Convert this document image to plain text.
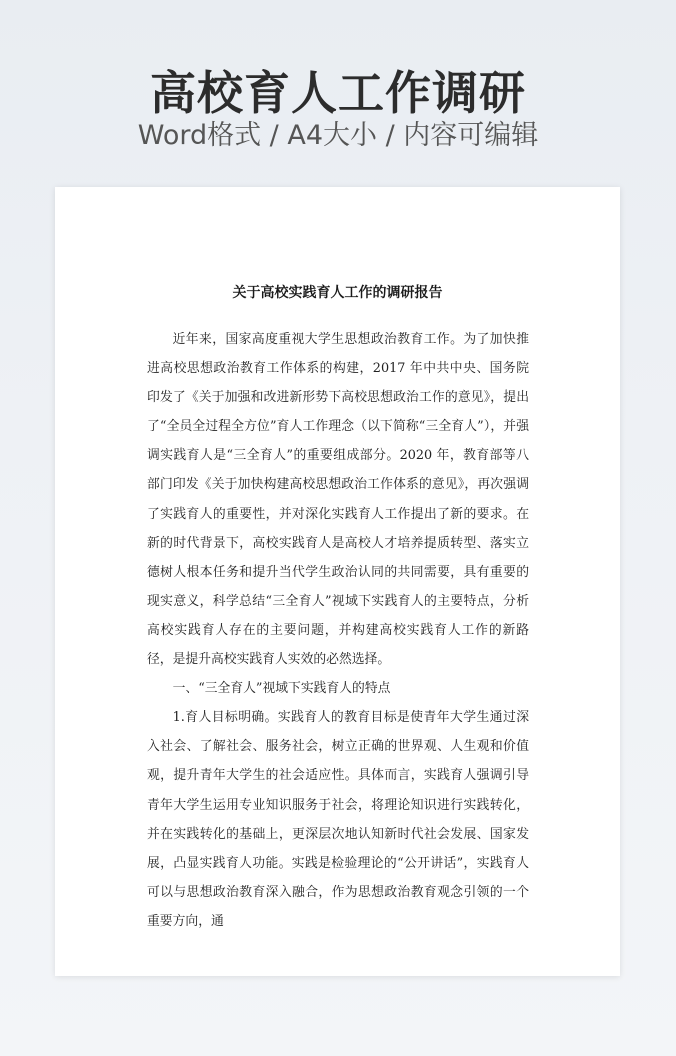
高校育人工作调研
Word格式 / A4大小 / 内容可编辑
关于高校实践育人工作的调研报告

近年来，国家高度重视大学生思想政治教育工作。为了加快推进高校思想政治教育工作体系的构建，2017 年中共中央、国务院印发了《关于加强和改进新形势下高校思想政治工作的意见》，提出了“全员全过程全方位”育人工作理念（以下简称“三全育人”），并强调实践育人是“三全育人”的重要组成部分。2020 年，教育部等八部门印发《关于加快构建高校思想政治工作体系的意见》，再次强调了实践育人的重要性，并对深化实践育人工作提出了新的要求。在新的时代背景下，高校实践育人是高校人才培养提质转型、落实立德树人根本任务和提升当代学生政治认同的共同需要，具有重要的现实意义，科学总结“三全育人”视域下实践育人的主要特点，分析高校实践育人存在的主要问题，并构建高校实践育人工作的新路径，是提升高校实践育人实效的必然选择。

一、“三全育人”视域下实践育人的特点

1.育人目标明确。实践育人的教育目标是使青年大学生通过深入社会、了解社会、服务社会，树立正确的世界观、人生观和价值观，提升青年大学生的社会适应性。具体而言，实践育人强调引导青年大学生运用专业知识服务于社会，将理论知识进行实践转化，并在实践转化的基础上，更深层次地认知新时代社会发展、国家发展，凸显实践育人功能。实践是检验理论的“公开讲话”，实践育人可以与思想政治教育深入融合，作为思想政治教育观念引领的一个重要方向，通
